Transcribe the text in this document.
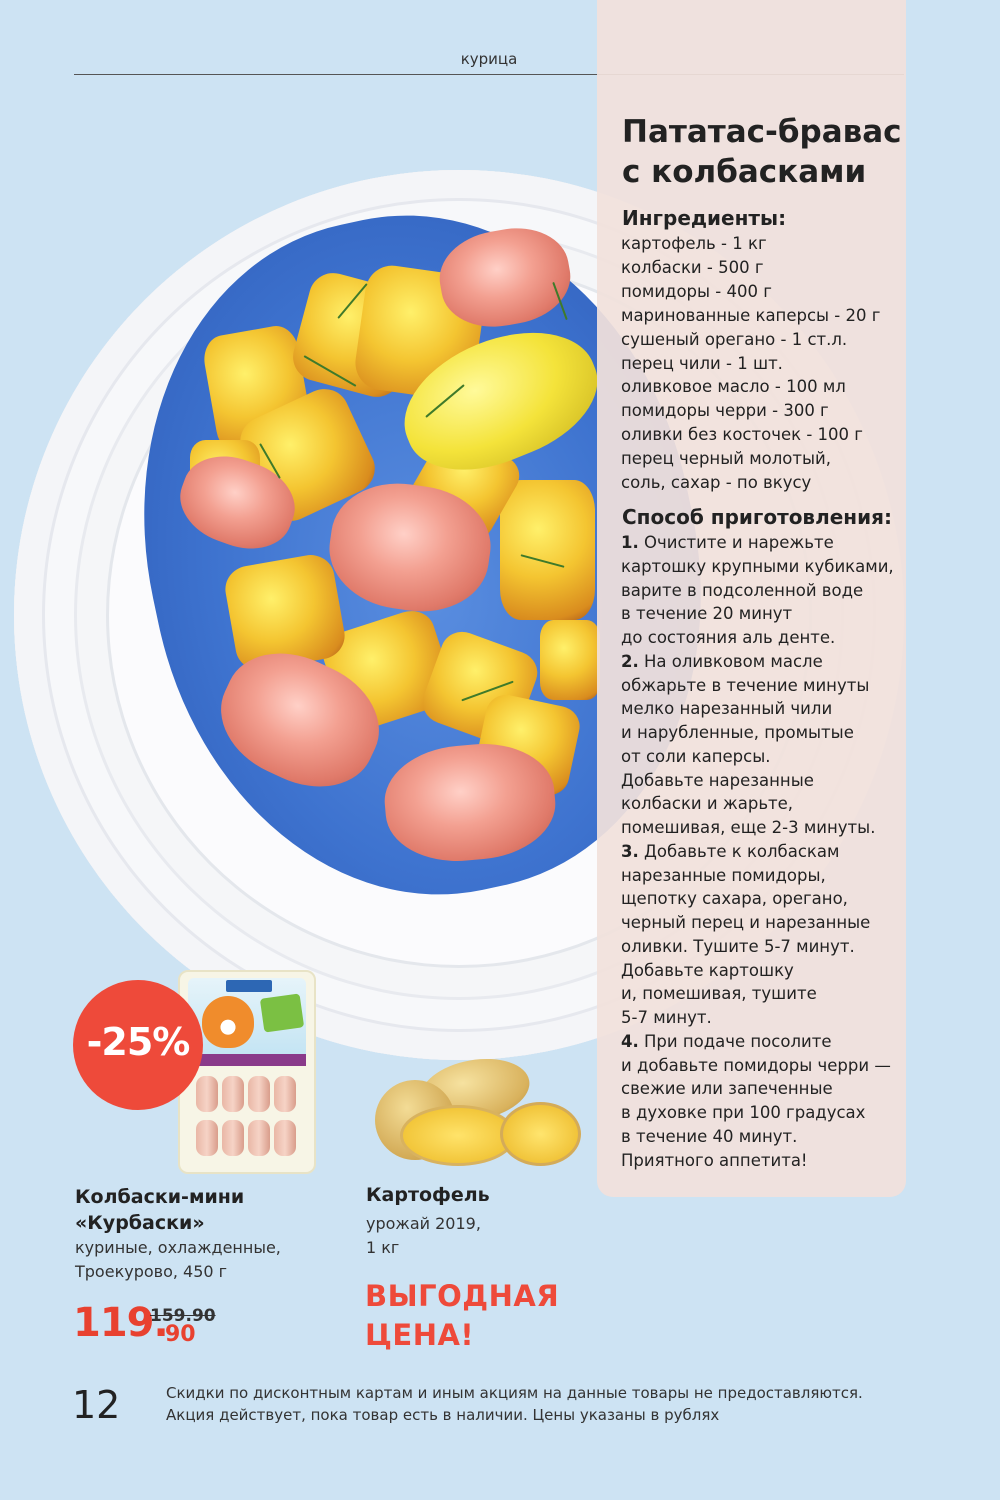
курица
Пататас-бравас
с колбасками
Ингредиенты:
картофель - 1 кг
колбаски - 500 г
помидоры - 400 г
маринованные каперсы - 20 г
сушеный орегано - 1 ст.л.
перец чили - 1 шт.
оливковое масло - 100 мл
помидоры черри - 300 г
оливки без косточек - 100 г
перец черный молотый,
соль, сахар - по вкусу
Способ приготовления:
1. Очистите и нарежьте
картошку крупными кубиками,
варите в подсоленной воде
в течение 20 минут
до состояния аль денте.
2. На оливковом масле
обжарьте в течение минуты
мелко нарезанный чили
и нарубленные, промытые
от соли каперсы.
Добавьте нарезанные
колбаски и жарьте,
помешивая, еще 2-3 минуты.
3. Добавьте к колбаскам
нарезанные помидоры,
щепотку сахара, орегано,
черный перец и нарезанные
оливки. Тушите 5-7 минут.
Добавьте картошку
и, помешивая, тушите
5-7 минут.
4. При подаче посолите
и добавьте помидоры черри —
свежие или запеченные
в духовке при 100 градусах
в течение 40 минут.
Приятного аппетита!
-25%
Колбаски-мини
«Курбаски»
куриные, охлажденные,
Троекурово, 450 г
119.
90
159.90
Картофель
урожай 2019,
1 кг
ВЫГОДНАЯ
ЦЕНА!
12	Скидки по дисконтным картам и иным акциям на данные товары не предоставляются.
Акция действует, пока товар есть в наличии. Цены указаны в рублях
